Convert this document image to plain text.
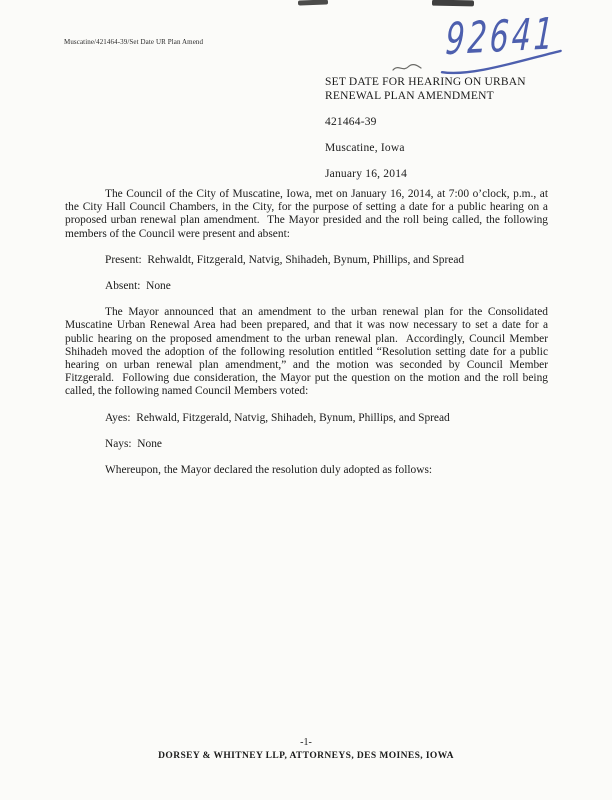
Muscatine/421464-39/Set Date UR Plan Amend	92641
SET DATE FOR HEARING ON URBAN
RENEWAL PLAN AMENDMENT
421464-39
Muscatine, Iowa
January 16, 2014

The Council of the City of Muscatine, Iowa, met on January 16, 2014, at 7:00 o’clock, p.m., at the City Hall Council Chambers, in the City, for the purpose of setting a date for a public hearing on a proposed urban renewal plan amendment.  The Mayor presided and the roll being called, the following members of the Council were present and absent:

Present:  Rehwaldt, Fitzgerald, Natvig, Shihadeh, Bynum, Phillips, and Spread

Absent:  None

The Mayor announced that an amendment to the urban renewal plan for the Consolidated Muscatine Urban Renewal Area had been prepared, and that it was now necessary to set a date for a public hearing on the proposed amendment to the urban renewal plan.  Accordingly, Council Member Shihadeh moved the adoption of the following resolution entitled “Resolution setting date for a public hearing on urban renewal plan amendment,” and the motion was seconded by Council Member Fitzgerald.  Following due consideration, the Mayor put the question on the motion and the roll being called, the following named Council Members voted:

Ayes:  Rehwald, Fitzgerald, Natvig, Shihadeh, Bynum, Phillips, and Spread

Nays:  None

Whereupon, the Mayor declared the resolution duly adopted as follows:

-1-
DORSEY & WHITNEY LLP, ATTORNEYS, DES MOINES, IOWA
